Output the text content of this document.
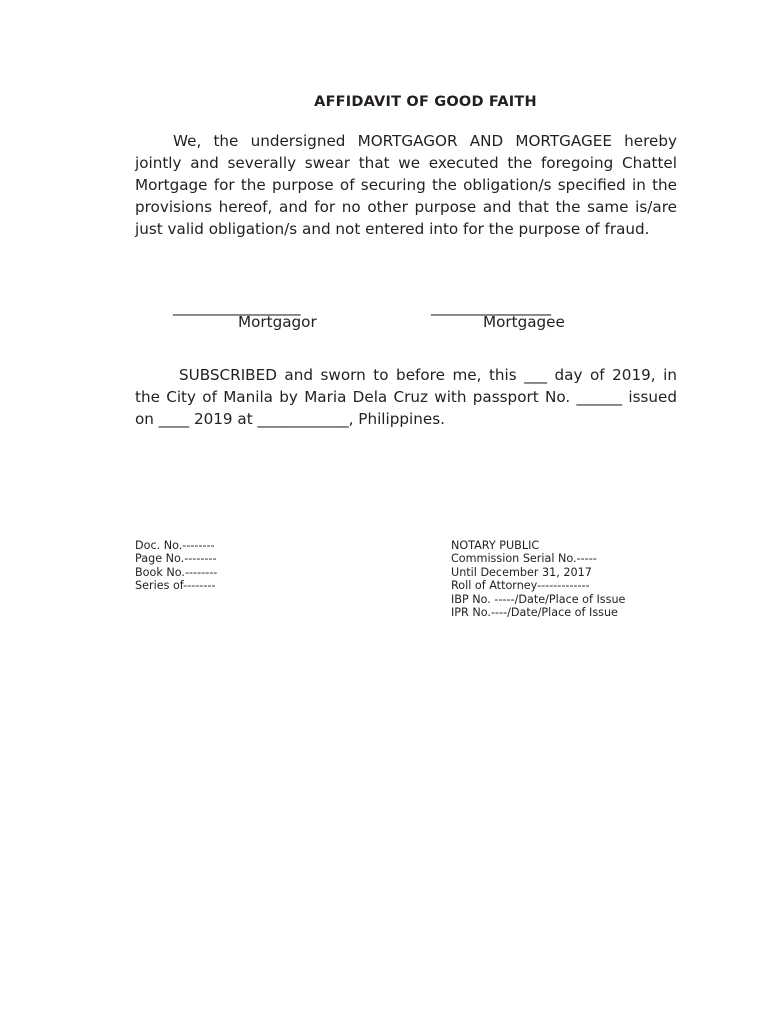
AFFIDAVIT OF GOOD FAITH
We, the undersigned MORTGAGOR AND MORTGAGEE hereby jointly and severally swear that we executed the foregoing Chattel Mortgage for the purpose of securing the obligation/s specified in the provisions hereof, and for no other purpose and that the same is/are just valid obligation/s and not entered into for the purpose of fraud.
_________________
Mortgagor
________________
Mortgagee
SUBSCRIBED and sworn to before me, this ___ day of 2019, in the City of Manila by Maria Dela Cruz with passport No. ______ issued on ____ 2019 at ____________, Philippines.
Doc. No.--------
Page No.--------
Book No.--------
Series of--------
NOTARY PUBLIC
Commission Serial No.-----
Until December 31, 2017
Roll of Attorney-------------
IBP No. -----/Date/Place of Issue
IPR No.----/Date/Place of Issue
